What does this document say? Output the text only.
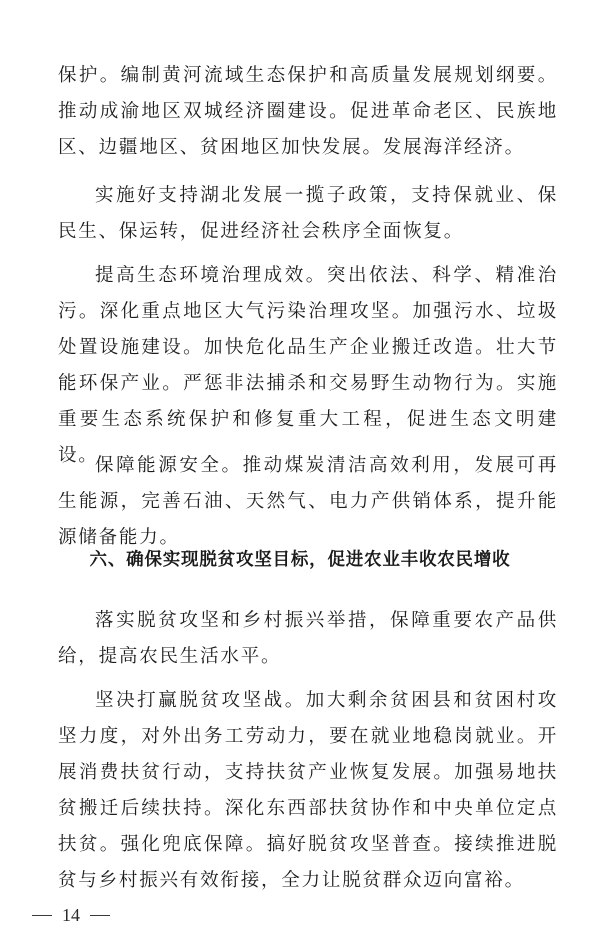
保护。编制黄河流域生态保护和高质量发展规划纲要。推动成渝地区双城经济圈建设。促进革命老区、民族地区、边疆地区、贫困地区加快发展。发展海洋经济。

实施好支持湖北发展一揽子政策，支持保就业、保民生、保运转，促进经济社会秩序全面恢复。

提高生态环境治理成效。突出依法、科学、精准治污。深化重点地区大气污染治理攻坚。加强污水、垃圾处置设施建设。加快危化品生产企业搬迁改造。壮大节能环保产业。严惩非法捕杀和交易野生动物行为。实施重要生态系统保护和修复重大工程，促进生态文明建设。

保障能源安全。推动煤炭清洁高效利用，发展可再生能源，完善石油、天然气、电力产供销体系，提升能源储备能力。

六、确保实现脱贫攻坚目标，促进农业丰收农民增收

落实脱贫攻坚和乡村振兴举措，保障重要农产品供给，提高农民生活水平。

坚决打赢脱贫攻坚战。加大剩余贫困县和贫困村攻坚力度，对外出务工劳动力，要在就业地稳岗就业。开展消费扶贫行动，支持扶贫产业恢复发展。加强易地扶贫搬迁后续扶持。深化东西部扶贫协作和中央单位定点扶贫。强化兜底保障。搞好脱贫攻坚普查。接续推进脱贫与乡村振兴有效衔接，全力让脱贫群众迈向富裕。

14
